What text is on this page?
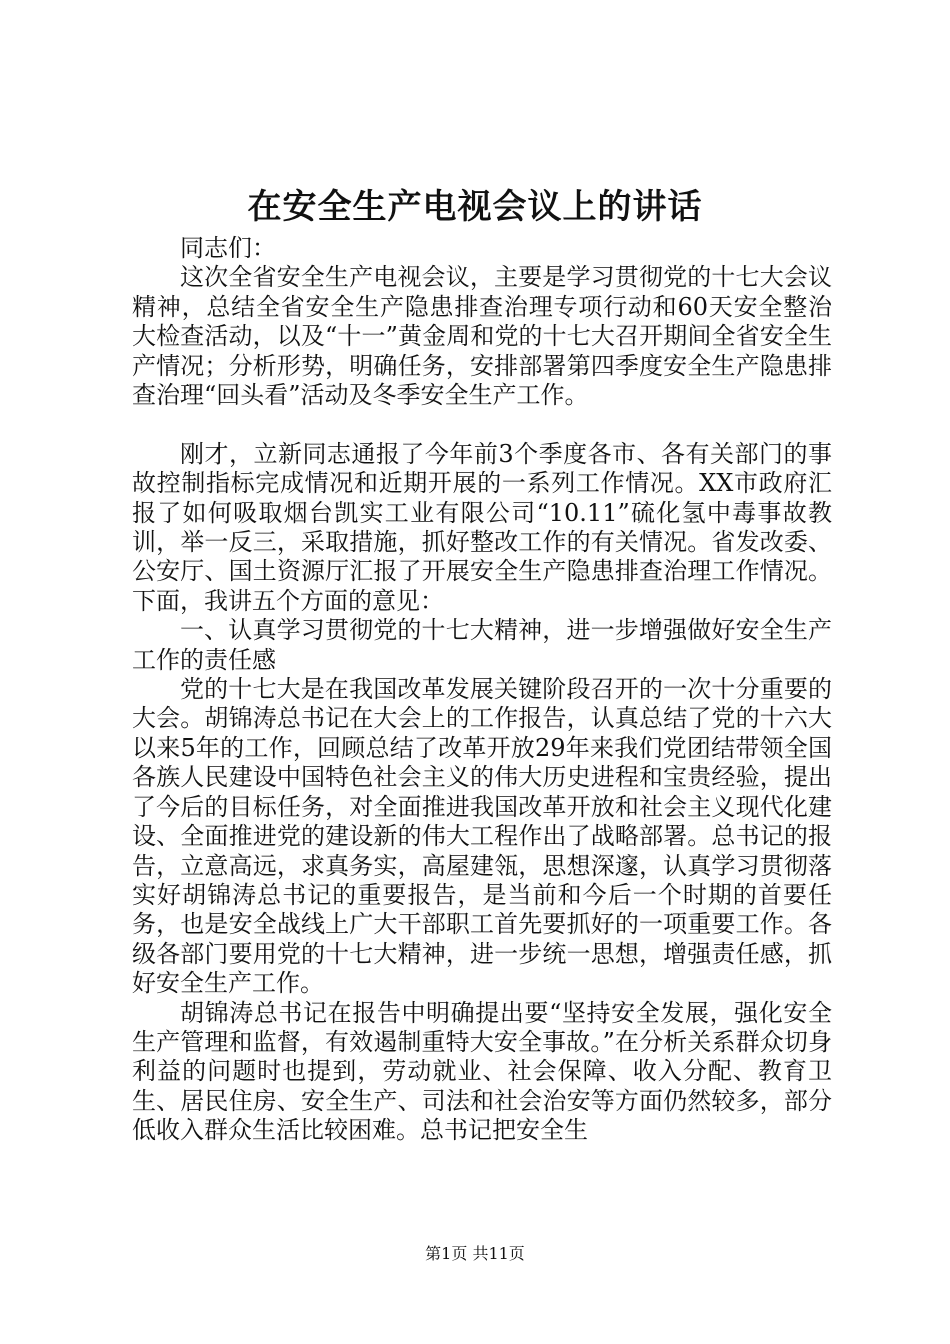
在安全生产电视会议上的讲话

同志们：

这次全省安全生产电视会议，主要是学习贯彻党的十七大会议精神，总结全省安全生产隐患排查治理专项行动和60天安全整治大检查活动，以及“十一”黄金周和党的十七大召开期间全省安全生产情况；分析形势，明确任务，安排部署第四季度安全生产隐患排查治理“回头看”活动及冬季安全生产工作。

刚才，立新同志通报了今年前3个季度各市、各有关部门的事故控制指标完成情况和近期开展的一系列工作情况。XX市政府汇报了如何吸取烟台凯实工业有限公司“10.11”硫化氢中毒事故教训，举一反三，采取措施，抓好整改工作的有关情况。省发改委、公安厅、国土资源厅汇报了开展安全生产隐患排查治理工作情况。下面，我讲五个方面的意见：

一、认真学习贯彻党的十七大精神，进一步增强做好安全生产工作的责任感

党的十七大是在我国改革发展关键阶段召开的一次十分重要的大会。胡锦涛总书记在大会上的工作报告，认真总结了党的十六大以来5年的工作，回顾总结了改革开放29年来我们党团结带领全国各族人民建设中国特色社会主义的伟大历史进程和宝贵经验，提出了今后的目标任务，对全面推进我国改革开放和社会主义现代化建设、全面推进党的建设新的伟大工程作出了战略部署。总书记的报告，立意高远，求真务实，高屋建瓴，思想深邃，认真学习贯彻落实好胡锦涛总书记的重要报告，是当前和今后一个时期的首要任务，也是安全战线上广大干部职工首先要抓好的一项重要工作。各级各部门要用党的十七大精神，进一步统一思想，增强责任感，抓好安全生产工作。

胡锦涛总书记在报告中明确提出要“坚持安全发展，强化安全生产管理和监督，有效遏制重特大安全事故。”在分析关系群众切身利益的问题时也提到，劳动就业、社会保障、收入分配、教育卫生、居民住房、安全生产、司法和社会治安等方面仍然较多，部分低收入群众生活比较困难。总书记把安全生

第1页 共11页
